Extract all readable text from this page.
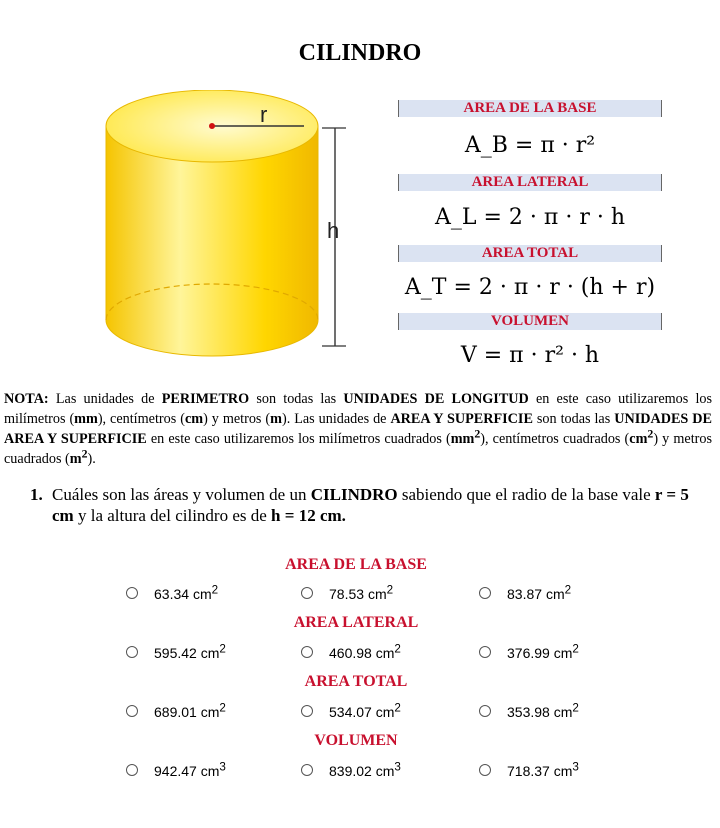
CILINDRO
r
h
AREA DE LA BASE
A_B = π · r²
AREA LATERAL
A_L = 2 · π · r · h
AREA TOTAL
A_T = 2 · π · r · (h + r)
VOLUMEN
V = π · r² · h
NOTA: Las unidades de PERIMETRO son todas las UNIDADES DE LONGITUD en este caso utilizaremos los milímetros (mm), centímetros (cm) y metros (m). Las unidades de AREA Y SUPERFICIE son todas las UNIDADES DE AREA Y SUPERFICIE en este caso utilizaremos los milímetros cuadrados $(mm^2)$, centímetros cuadrados $(cm^2)$ y metros cuadrados $(m^2)$.
1. Cuáles son las áreas y volumen de un CILINDRO sabiendo que el radio de la base vale r = 5 cm y la altura del cilindro es de h = 12 cm.
AREA DE LA BASE
63.34 $cm^2$	78.53 $cm^2$	83.87 $cm^2$
AREA LATERAL
595.42 $cm^2$	460.98 $cm^2$	376.99 $cm^2$
AREA TOTAL
689.01 $cm^2$	534.07 $cm^2$	353.98 $cm^2$
VOLUMEN
942.47 $cm^3$	839.02 $cm^3$	718.37 $cm^3$
